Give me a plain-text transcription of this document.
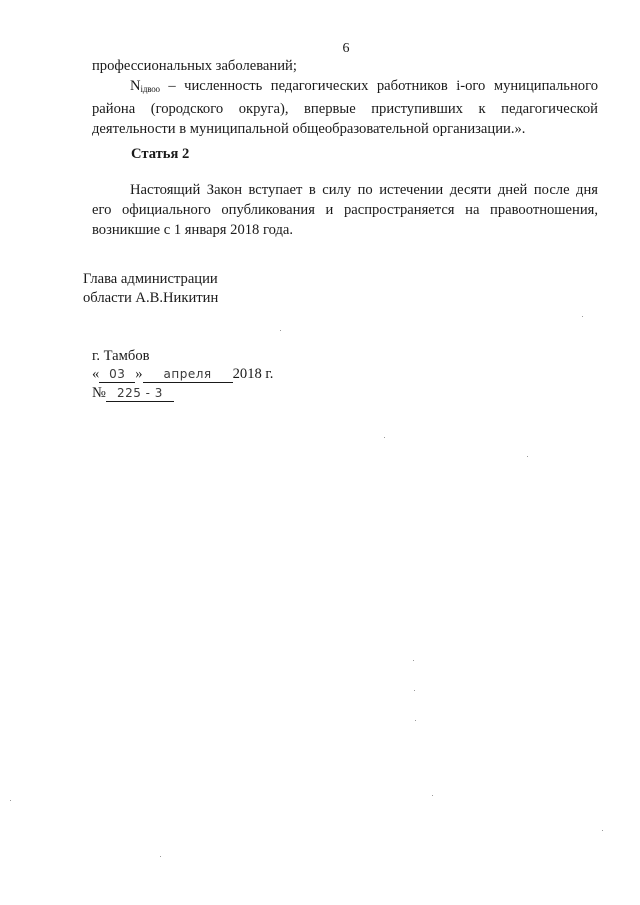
6
профессиональных заболеваний;
$N_{iдвоо}$ – численность педагогических работников i-ого муниципального
района (городского округа), впервые приступивших к педагогической
деятельности в муниципальной общеобразовательной организации.».
Статья 2
Настоящий Закон вступает в силу по истечении десяти дней после дня
его официального опубликования и распространяется на правоотношения,
возникшие с 1 января 2018 года.
Глава администрации
области А.В.Никитин
г. Тамбов
« 03 »	апреля	2018 г.
№ 225 - 3
